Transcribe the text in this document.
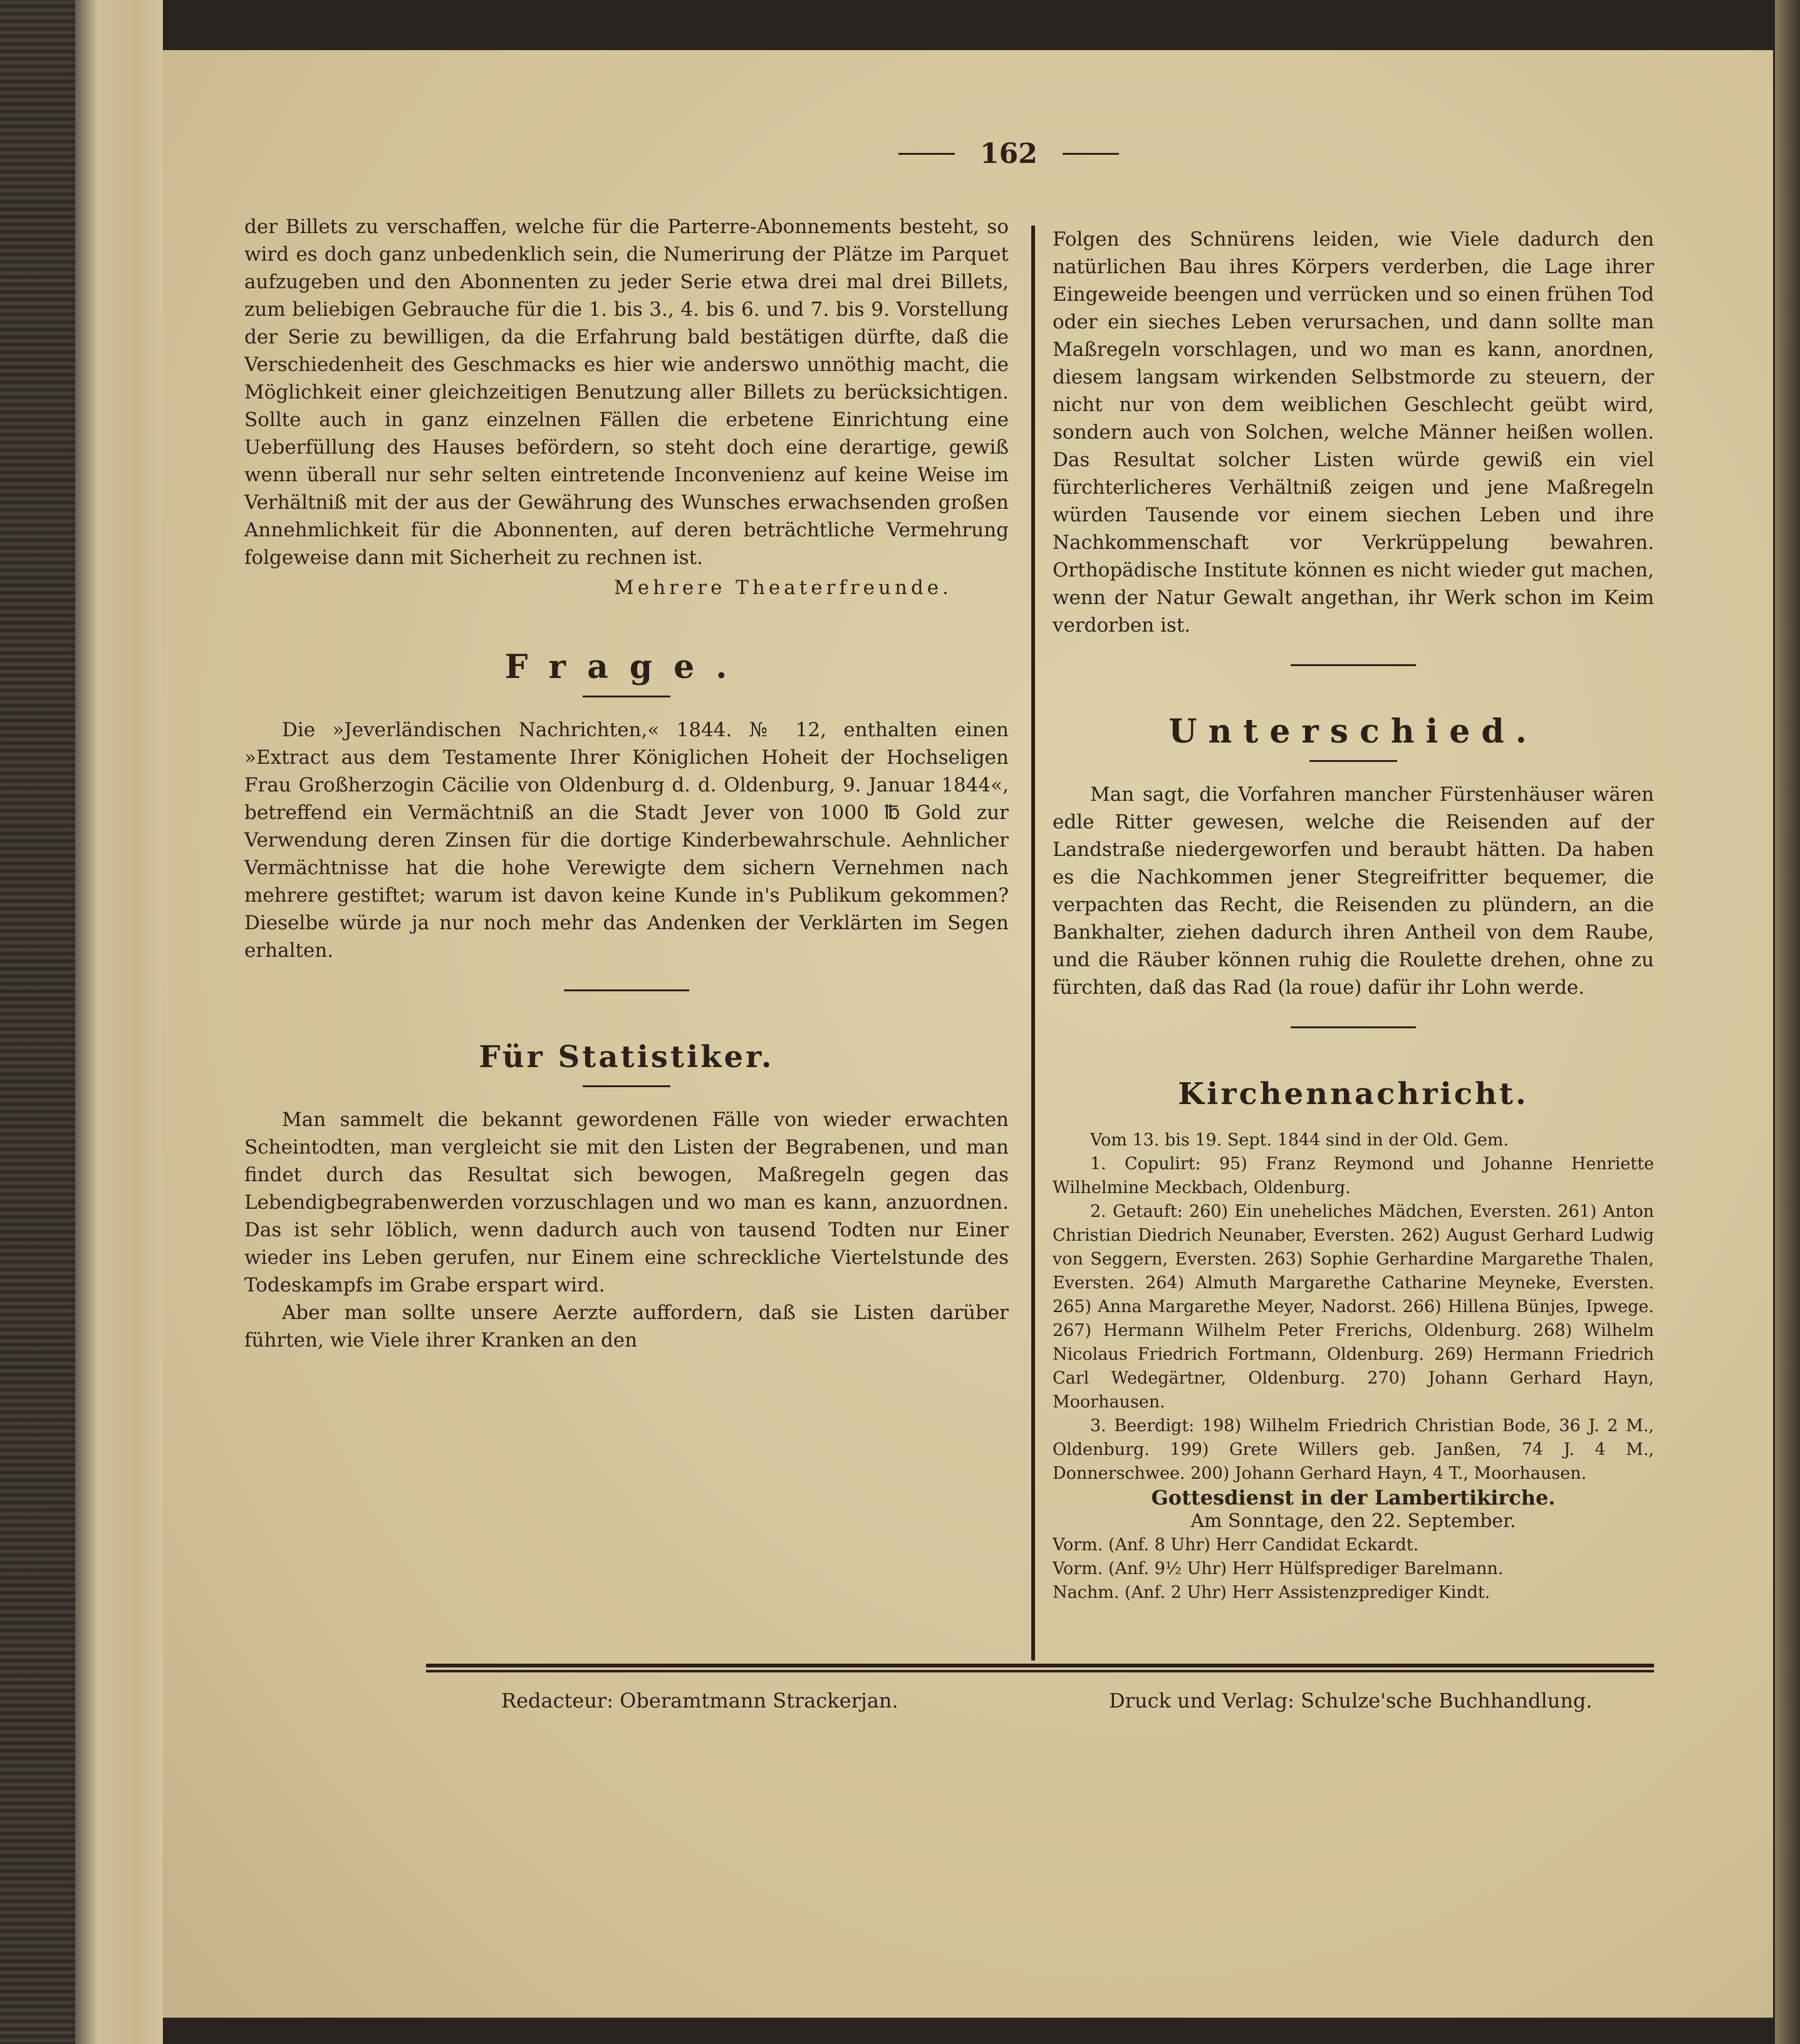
162

der Billets zu verschaffen, welche für die Parterre-Abonnements besteht, so wird es doch ganz unbedenklich sein, die Numerirung der Plätze im Parquet aufzugeben und den Abonnenten zu jeder Serie etwa drei mal drei Billets, zum beliebigen Gebrauche für die 1. bis 3., 4. bis 6. und 7. bis 9. Vorstellung der Serie zu bewilligen, da die Erfahrung bald bestätigen dürfte, daß die Verschiedenheit des Geschmacks es hier wie anderswo unnöthig macht, die Möglichkeit einer gleichzeitigen Benutzung aller Billets zu berücksichtigen. Sollte auch in ganz einzelnen Fällen die erbetene Einrichtung eine Ueberfüllung des Hauses befördern, so steht doch eine derartige, gewiß wenn überall nur sehr selten eintretende Inconvenienz auf keine Weise im Verhältniß mit der aus der Gewährung des Wunsches erwachsenden großen Annehmlichkeit für die Abonnenten, auf deren beträchtliche Vermehrung folgeweise dann mit Sicherheit zu rechnen ist.

Mehrere Theaterfreunde.

Frage.

Die »Jeverländischen Nachrichten,« 1844. № 12, enthalten einen »Extract aus dem Testamente Ihrer Königlichen Hoheit der Hochseligen Frau Großherzogin Cäcilie von Oldenburg d. d. Oldenburg, 9. Januar 1844«, betreffend ein Vermächtniß an die Stadt Jever von 1000 ℔ Gold zur Verwendung deren Zinsen für die dortige Kinderbewahrschule. Aehnlicher Vermächtnisse hat die hohe Verewigte dem sichern Vernehmen nach mehrere gestiftet; warum ist davon keine Kunde in's Publikum gekommen? Dieselbe würde ja nur noch mehr das Andenken der Verklärten im Segen erhalten.

Für Statistiker.

Man sammelt die bekannt gewordenen Fälle von wieder erwachten Scheintodten, man vergleicht sie mit den Listen der Begrabenen, und man findet durch das Resultat sich bewogen, Maßregeln gegen das Lebendigbegrabenwerden vorzuschlagen und wo man es kann, anzuordnen. Das ist sehr löblich, wenn dadurch auch von tausend Todten nur Einer wieder ins Leben gerufen, nur Einem eine schreckliche Viertelstunde des Todeskampfs im Grabe erspart wird.

Aber man sollte unsere Aerzte auffordern, daß sie Listen darüber führten, wie Viele ihrer Kranken an den

Folgen des Schnürens leiden, wie Viele dadurch den natürlichen Bau ihres Körpers verderben, die Lage ihrer Eingeweide beengen und verrücken und so einen frühen Tod oder ein sieches Leben verursachen, und dann sollte man Maßregeln vorschlagen, und wo man es kann, anordnen, diesem langsam wirkenden Selbstmorde zu steuern, der nicht nur von dem weiblichen Geschlecht geübt wird, sondern auch von Solchen, welche Männer heißen wollen. Das Resultat solcher Listen würde gewiß ein viel fürchterlicheres Verhältniß zeigen und jene Maßregeln würden Tausende vor einem siechen Leben und ihre Nachkommenschaft vor Verkrüppelung bewahren. Orthopädische Institute können es nicht wieder gut machen, wenn der Natur Gewalt angethan, ihr Werk schon im Keim verdorben ist.

Unterschied.

Man sagt, die Vorfahren mancher Fürstenhäuser wären edle Ritter gewesen, welche die Reisenden auf der Landstraße niedergeworfen und beraubt hätten. Da haben es die Nachkommen jener Stegreifritter bequemer, die verpachten das Recht, die Reisenden zu plündern, an die Bankhalter, ziehen dadurch ihren Antheil von dem Raube, und die Räuber können ruhig die Roulette drehen, ohne zu fürchten, daß das Rad (la roue) dafür ihr Lohn werde.

Kirchennachricht.

Vom 13. bis 19. Sept. 1844 sind in der Old. Gem.

1. Copulirt: 95) Franz Reymond und Johanne Henriette Wilhelmine Meckbach, Oldenburg.

2. Getauft: 260) Ein uneheliches Mädchen, Eversten. 261) Anton Christian Diedrich Neunaber, Eversten. 262) August Gerhard Ludwig von Seggern, Eversten. 263) Sophie Gerhardine Margarethe Thalen, Eversten. 264) Almuth Margarethe Catharine Meyneke, Eversten. 265) Anna Margarethe Meyer, Nadorst. 266) Hillena Bünjes, Ipwege. 267) Hermann Wilhelm Peter Frerichs, Oldenburg. 268) Wilhelm Nicolaus Friedrich Fortmann, Oldenburg. 269) Hermann Friedrich Carl Wedegärtner, Oldenburg. 270) Johann Gerhard Hayn, Moorhausen.

3. Beerdigt: 198) Wilhelm Friedrich Christian Bode, 36 J. 2 M., Oldenburg. 199) Grete Willers geb. Janßen, 74 J. 4 M., Donnerschwee. 200) Johann Gerhard Hayn, 4 T., Moorhausen.

Gottesdienst in der Lambertikirche.

Am Sonntage, den 22. September.

Vorm. (Anf. 8 Uhr) Herr Candidat Eckardt.

Vorm. (Anf. 9½ Uhr) Herr Hülfsprediger Barelmann.

Nachm. (Anf. 2 Uhr) Herr Assistenzprediger Kindt.

Redacteur: Oberamtmann Strackerjan.	Druck und Verlag: Schulze'sche Buchhandlung.
